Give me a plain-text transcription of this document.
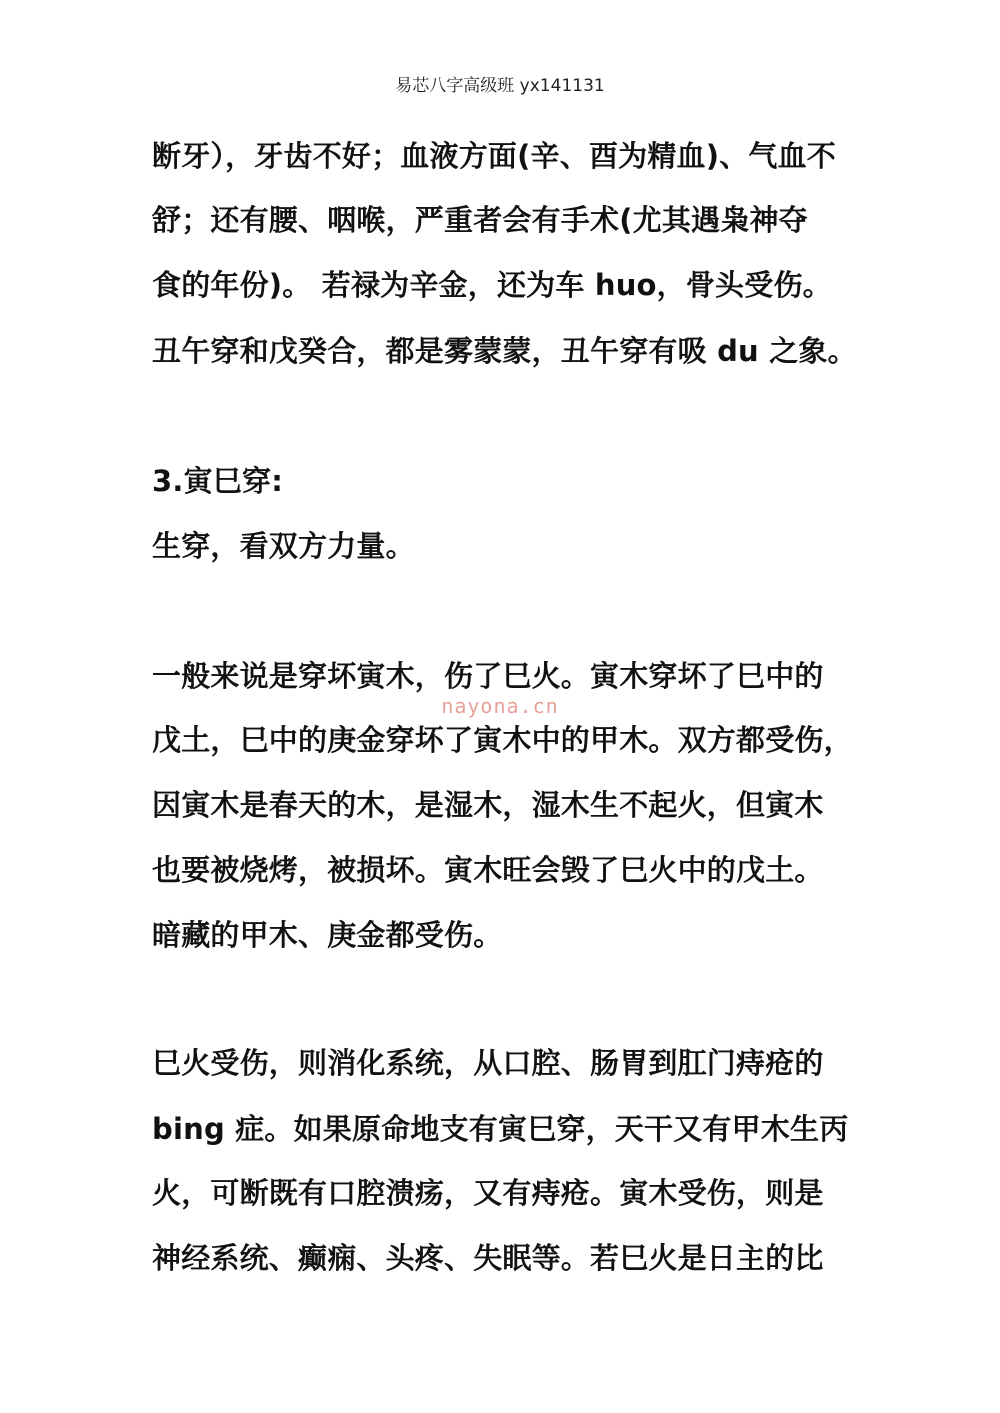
易芯八字高级班 yx141131
断牙），牙齿不好；血液方面(辛、酉为精血)、气血不
舒；还有腰、咽喉，严重者会有手术(尤其遇枭神夺
食的年份)。 若禄为辛金，还为车 huo，骨头受伤。
丑午穿和戊癸合，都是雾蒙蒙，丑午穿有吸 du 之象。
3.寅巳穿:
生穿，看双方力量。
一般来说是穿坏寅木，伤了巳火。寅木穿坏了巳中的
nayona.cn
戊土，巳中的庚金穿坏了寅木中的甲木。双方都受伤，
因寅木是春天的木，是湿木，湿木生不起火，但寅木
也要被烧烤，被损坏。寅木旺会毁了巳火中的戊土。
暗藏的甲木、庚金都受伤。
巳火受伤，则消化系统，从口腔、肠胃到肛门痔疮的
bing 症。如果原命地支有寅巳穿，天干又有甲木生丙
火，可断既有口腔溃疡，又有痔疮。寅木受伤，则是
神经系统、癫痫、头疼、失眠等。若巳火是日主的比
